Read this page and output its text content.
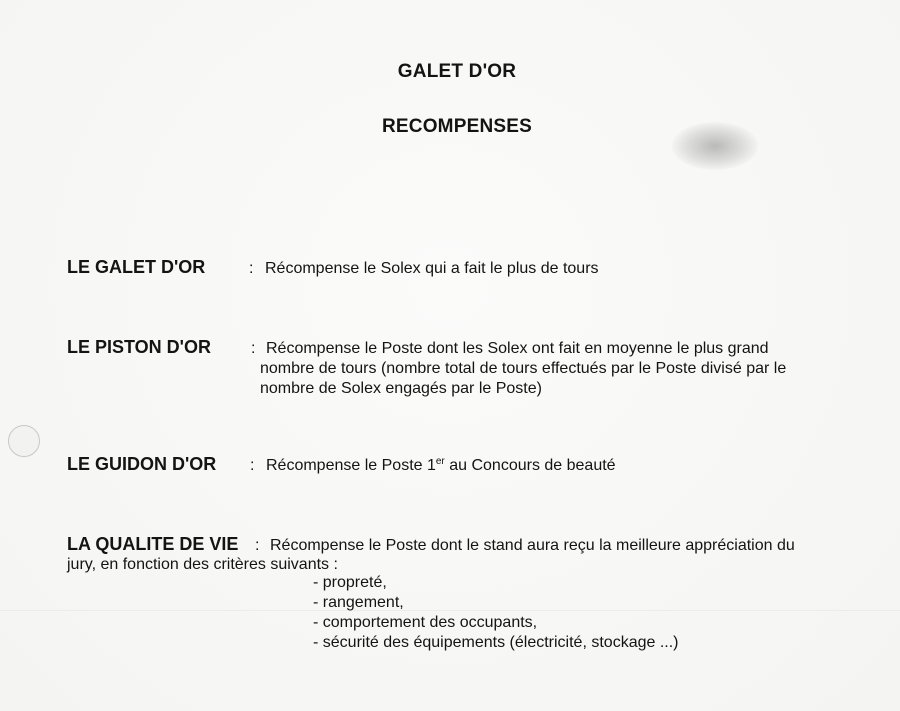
GALET D'OR
RECOMPENSES
LE GALET D'OR	: Récompense le Solex qui a fait le plus de tours
LE PISTON D'OR	: Récompense le Poste dont les Solex ont fait en moyenne le plus grand
nombre de tours (nombre total de tours effectués par le Poste divisé par le
nombre de Solex engagés par le Poste)
LE GUIDON D'OR : Récompense le Poste 1er au Concours de beauté
LA QUALITE DE VIE : Récompense le Poste dont le stand aura reçu la meilleure appréciation du
jury, en fonction des critères suivants :
- propreté,
- rangement,
- comportement des occupants,
- sécurité des équipements (électricité, stockage ...)
